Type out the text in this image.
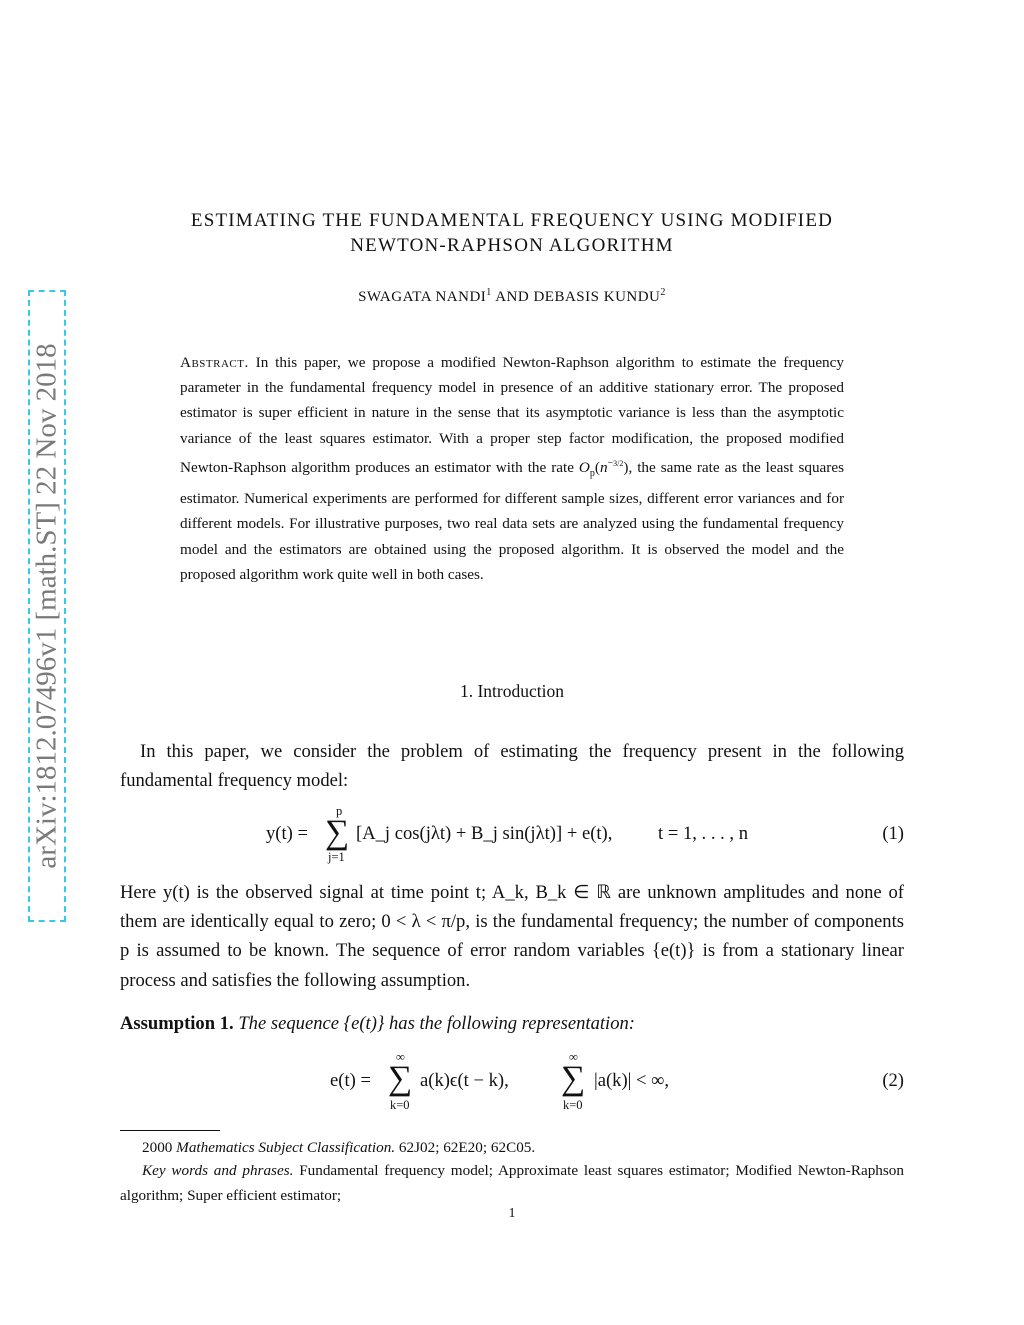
arXiv:1812.07496v1 [math.ST] 22 Nov 2018
ESTIMATING THE FUNDAMENTAL FREQUENCY USING MODIFIED
NEWTON-RAPHSON ALGORITHM
SWAGATA NANDI$^1$ AND DEBASIS KUNDU$^2$
Abstract. In this paper, we propose a modified Newton-Raphson algorithm to estimate the frequency parameter in the fundamental frequency model in presence of an additive stationary error. The proposed estimator is super efficient in nature in the sense that its asymptotic variance is less than the asymptotic variance of the least squares estimator. With a proper step factor modification, the proposed modified Newton-Raphson algorithm produces an estimator with the rate $O_p(n^{-3/2})$, the same rate as the least squares estimator. Numerical experiments are performed for different sample sizes, different error variances and for different models. For illustrative purposes, two real data sets are analyzed using the fundamental frequency model and the estimators are obtained using the proposed algorithm. It is observed the model and the proposed algorithm work quite well in both cases.
1. Introduction
In this paper, we consider the problem of estimating the frequency present in the following fundamental frequency model:
y(t) =
p
∑
j=1
[A_j cos(jλt) + B_j sin(jλt)] + e(t), t = 1, . . . , n	(1)
Here y(t) is the observed signal at time point t; A_k, B_k ∈ ℝ are unknown amplitudes and none of them are identically equal to zero; 0 < λ < π/p, is the fundamental frequency; the number of components p is assumed to be known. The sequence of error random variables {e(t)} is from a stationary linear process and satisfies the following assumption.
Assumption 1. The sequence {e(t)} has the following representation:
e(t) =
∞
∑
k=0
a(k)ϵ(t − k),
∞
∑
k=0
|a(k)| < ∞,	(2)
2000 Mathematics Subject Classification. 62J02; 62E20; 62C05.
Key words and phrases. Fundamental frequency model; Approximate least squares estimator; Modified Newton-Raphson algorithm; Super efficient estimator;
1
